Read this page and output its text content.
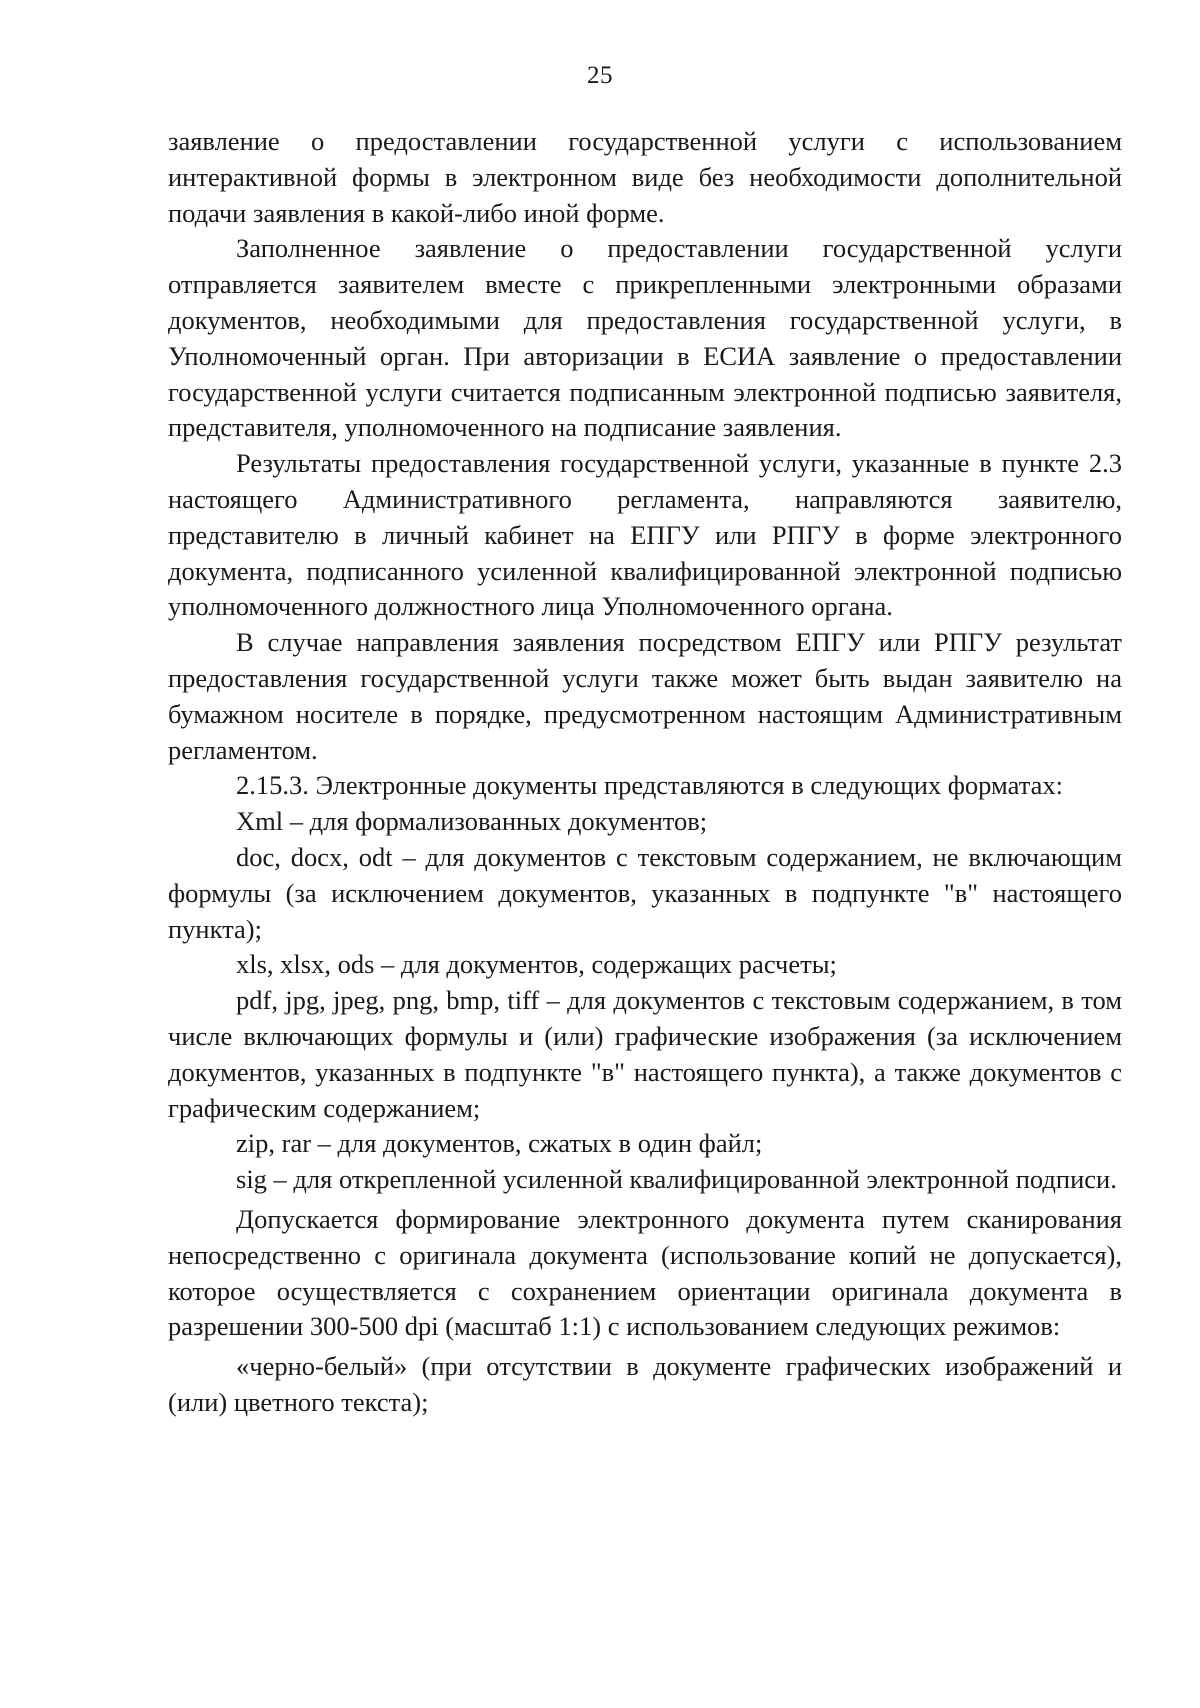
25

заявление о предоставлении государственной услуги с использованием интерактивной формы в электронном виде без необходимости дополнительной подачи заявления в какой-либо иной форме.

Заполненное заявление о предоставлении государственной услуги отправляется заявителем вместе с прикрепленными электронными образами документов, необходимыми для предоставления государственной услуги, в Уполномоченный орган. При авторизации в ЕСИА заявление о предоставлении государственной услуги считается подписанным электронной подписью заявителя, представителя, уполномоченного на подписание заявления.

Результаты предоставления государственной услуги, указанные в пункте 2.3 настоящего Административного регламента, направляются заявителю, представителю в личный кабинет на ЕПГУ или РПГУ в форме электронного документа, подписанного усиленной квалифицированной электронной подписью уполномоченного должностного лица Уполномоченного органа.

В случае направления заявления посредством ЕПГУ или РПГУ результат предоставления государственной услуги также может быть выдан заявителю на бумажном носителе в порядке, предусмотренном настоящим Административным регламентом.

2.15.3. Электронные документы представляются в следующих форматах:

Xml – для формализованных документов;

doc, docx, odt – для документов с текстовым содержанием, не включающим формулы (за исключением документов, указанных в подпункте "в" настоящего пункта);

xls, xlsx, ods – для документов, содержащих расчеты;

pdf, jpg, jpeg, png, bmp, tiff – для документов с текстовым содержанием, в том числе включающих формулы и (или) графические изображения (за исключением документов, указанных в подпункте "в" настоящего пункта), а также документов с графическим содержанием;

zip, rar – для документов, сжатых в один файл;

sig – для открепленной усиленной квалифицированной электронной подписи.

Допускается формирование электронного документа путем сканирования непосредственно с оригинала документа (использование копий не допускается), которое осуществляется с сохранением ориентации оригинала документа в разрешении 300-500 dpi (масштаб 1:1) с использованием следующих режимов:

«черно-белый» (при отсутствии в документе графических изображений и (или) цветного текста);
